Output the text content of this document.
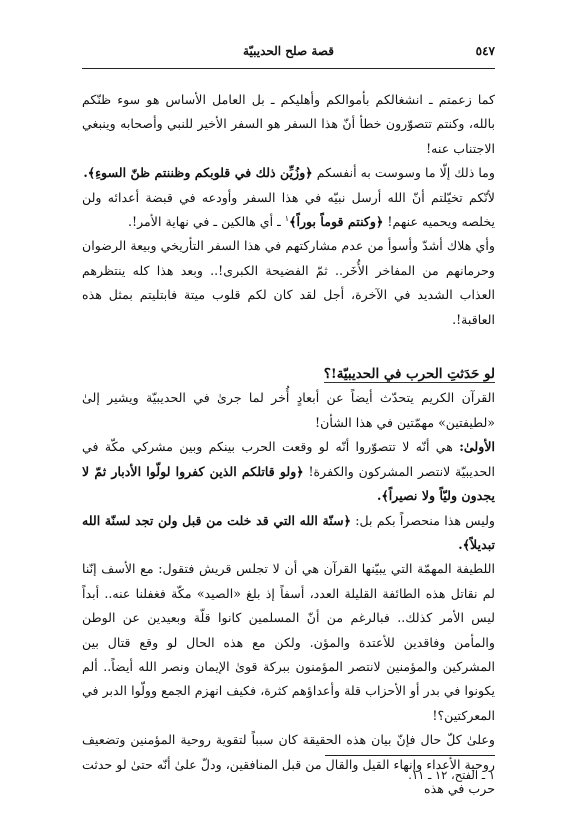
٥٤٧
قصة صلح الحديبيّة

كما زعمتم ـ انشغالكم بأموالكم وأهليكم ـ بل العامل الأساس هو سوء ظنّكم بالله، وكنتم تتصوّرون خطأ أنّ هذا السفر هو السفر الأخير للنبي وأصحابه وينبغي الاجتناب عنه!

وما ذلك إلّا ما وسوست به أنفسكم ﴿وزُيِّن ذلك في قلوبكم وظننتم ظنّ السوءِ﴾.

لأنّكم تخيّلتم أنّ الله أرسل نبيّه في هذا السفر وأودعه في قبضة أعدائه ولن يخلصه ويحميه عنهم! ﴿وكنتم قوماً بوراً﴾$^١$ ـ أي هالكين ـ في نهاية الأمر!.

وأي هلاك أشدّ وأسوأ من عدم مشاركتهم في هذا السفر التأريخي وبيعة الرضوان وحرمانهم من المفاخر الأُخَر.. ثمّ الفضيحة الكبرى!.. وبعد هذا كله ينتظرهم العذاب الشديد في الآخرة، أجل لقد كان لكم قلوب ميتة فابتليتم بمثل هذه العاقبة!.

لو حَدَثتِ الحرب في الحديبيّة!؟

القرآن الكريم يتحدّث أيضاً عن أبعادٍ أُخر لما جرىٰ في الحديبيّة ويشير إلىٰ «لطيفتين» مهمّتين في هذا الشأن!

الأولىٰ: هي أنّه لا تتصوّروا أنّه لو وقعت الحرب بينكم وبين مشركي مكّة في الحديبيّة لانتصر المشركون والكفرة! ﴿ولو قاتلكم الذين كفروا لولّوا الأدبار ثمّ لا يجدون وليّاً ولا نصيراً﴾.

وليس هذا منحصراً بكم بل: ﴿سنّة الله التي قد خلت من قبل ولن تجد لسنّة الله تبديلاً﴾.

اللطيفة المهمّة التي يبيّنها القرآن هي أن لا تجلس قريش فتقول: مع الأسف إنّنا لم نقاتل هذه الطائفة القليلة العدد، أسفاً إذ بلغ «الصيد» مكّة فغفلنا عنه.. أبداً ليس الأمر كذلك.. فبالرغم من أنّ المسلمين كانوا قلّة وبعيدين عن الوطن والمأمن وفاقدين للأعتدة والمؤن. ولكن مع هذه الحال لو وقع قتال بين المشركين والمؤمنين لانتصر المؤمنون ببركة قوىٰ الإيمان ونصر الله أيضاً.. ألم يكونوا في بدر أو الأحزاب قلة وأعداؤهم كثرة، فكيف انهزم الجمع وولّوا الدبر في المعركتين؟!

وعلىٰ كلّ حال فإنّ بيان هذه الحقيقة كان سبباً لتقوية روحية المؤمنين وتضعيف روحية الأعداء وإنهاء القيل والقال من قبل المنافقين، ودلّ علىٰ أنّه حتىٰ لو حدثت حرب في هذه

١ ـ الفتح، ١٢ ـ ١١.
